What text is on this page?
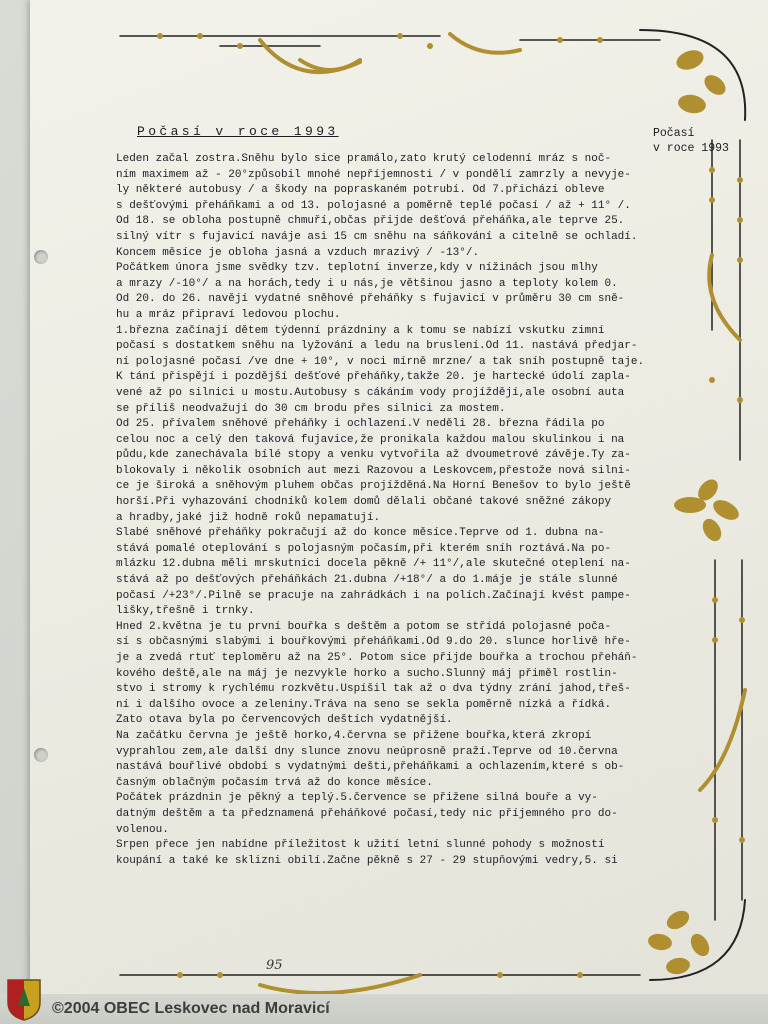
Počasí v roce 1993	Počasí
v roce 1993
Leden začal zostra.Sněhu bylo sice pramálo,zato krutý celodenní mráz s noč-
ním maximem až - 20°způsobil mnohé nepříjemnosti / v pondělí zamrzly a nevyje-
ly některé autobusy / a škody na popraskaném potrubí. Od 7.přichází obleve
s dešťovými přeháňkami a od 13. polojasné a poměrně teplé počasí / až + 11° /.
Od 18. se obloha postupně chmuří,občas přijde dešťová přeháňka,ale teprve 25.
silný vítr s fujavicí naváje asi 15 cm sněhu na sáňkování a citelně se ochladí.
Koncem měsíce je obloha jasná a vzduch mrazivý / -13°/.
Počátkem února jsme svědky tzv. teplotní inverze,kdy v nížinách jsou mlhy
a mrazy /-10°/ a na horách,tedy i u nás,je většinou jasno a teploty kolem 0.
Od 20. do 26. navějí vydatné sněhové přeháňky s fujavicí v průměru 30 cm sně-
hu a mráz připraví ledovou plochu.
1.března začínají dětem týdenní prázdniny a k tomu se nabízí vskutku zimní
počasí s dostatkem sněhu na lyžování a ledu na bruslení.Od 11. nastává předjar-
ní polojasné počasí /ve dne + 10°, v noci mírně mrzne/ a tak sníh postupně taje.
K tání přispějí i pozdější dešťové přeháňky,takže 20. je hartecké údolí zapla-
vené až po silnici u mostu.Autobusy s cákáním vody projíždějí,ale osobní auta
se příliš neodvažují do 30 cm brodu přes silnici za mostem.
Od 25. přívalem sněhové přeháňky i ochlazení.V neděli 28. března řádila po
celou noc a celý den taková fujavice,že pronikala každou malou skulinkou i na
půdu,kde zanechávala bílé stopy a venku vytvořila až dvoumetrové závěje.Ty za-
blokovaly i několik osobních aut mezi Razovou a Leskovcem,přestože nová silni-
ce je široká a sněhovým pluhem občas projížděná.Na Horní Benešov to bylo ještě
horší.Při vyhazování chodníků kolem domů dělali občané takové sněžné zákopy
a hradby,jaké již hodně roků nepamatují.
Slabé sněhové přeháňky pokračují až do konce měsíce.Teprve od 1. dubna na-
stává pomalé oteplování s polojasným počasím,při kterém sníh roztává.Na po-
mlázku 12.dubna měli mrskutníci docela pěkně /+ 11°/,ale skutečné oteplení na-
stává až po dešťových přeháňkách 21.dubna /+18°/ a do 1.máje je stále slunné
počasí /+23°/.Pilně se pracuje na zahrádkách i na polích.Začínají kvést pampe-
lišky,třešně i trnky.
Hned 2.května je tu první bouřka s deštěm a potom se střídá polojasné poča-
sí s občasnými slabými i bouřkovými přeháňkami.Od 9.do 20. slunce horlivě hře-
je a zvedá rtuť teploměru až na 25°. Potom sice přijde bouřka a trochou přeháň-
kového deště,ale na máj je nezvykle horko a sucho.Slunný máj přiměl rostlin-
stvo i stromy k rychlému rozkvětu.Uspíšil tak až o dva týdny zrání jahod,třeš-
ní i dalšího ovoce a zeleniny.Tráva na seno se sekla poměrně nízká a řídká.
Zato otava byla po červencových deštích vydatnější.
Na začátku června je ještě horko,4.června se přižene bouřka,která zkropí
vyprahlou zem,ale další dny slunce znovu neúprosně praží.Teprve od 10.června
nastává bouřlivé období s vydatnými dešti,přeháňkami a ochlazením,které s ob-
časným oblačným počasím trvá až do konce měsíce.
Počátek prázdnin je pěkný a teplý.5.července se přižene silná bouře a vy-
datným deštěm a ta předznamená přeháňkové počasí,tedy nic příjemného pro do-
volenou.
Srpen přece jen nabídne příležitost k užití letní slunné pohody s možností
koupání a také ke sklizni obilí.Začne pěkně s 27 - 29 stupňovými vedry,5. si
95
©2004 OBEC Leskovec nad Moravicí
